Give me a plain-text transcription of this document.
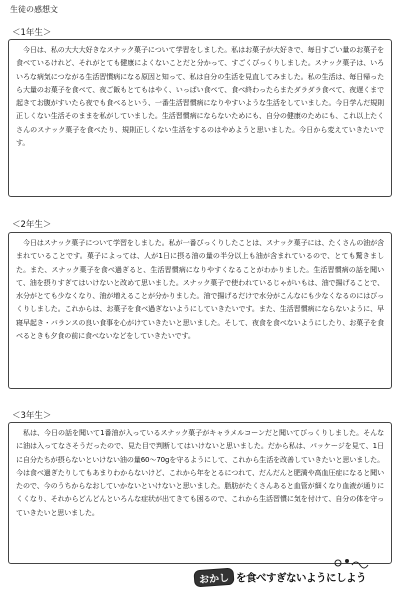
生徒の感想文
＜1年生＞

今日は、私の大大大好きなスナック菓子について学習をしました。私はお菓子が大好きで、毎日すごい量のお菓子を食べているけれど、それがとても健康によくないことだと分かって、すごくびっくりしました。スナック菓子は、いろいろな病気につながる生活習慣病になる原因と知って、私は自分の生活を見直してみました。私の生活は、毎日帰ったら大量のお菓子を食べて、夜ご飯もとてもはやく、いっぱい食べて、食べ終わったらまたダラダラ食べて、夜遅くまで起きてお腹がすいたら夜でも食べるという、一番生活習慣病になりやすいような生活をしていました。今日学んだ規則正しくない生活そのままを私がしていました。生活習慣病にならないためにも、自分の健康のためにも、これ以上たくさんのスナック菓子を食べたり、規則正しくない生活をするのはやめようと思いました。今日から変えていきたいです。

＜2年生＞

今日はスナック菓子について学習をしました。私が一番びっくりしたことは、スナック菓子には、たくさんの油が含まれていることです。菓子によっては、人が1日に摂る油の量の半分以上も油が含まれているので、とても驚きました。また、スナック菓子を食べ過ぎると、生活習慣病になりやすくなることがわかりました。生活習慣病の話を聞いて、油を摂りすぎてはいけないと改めて思いました。スナック菓子で使われているじゃがいもは、油で揚げることで、水分がとても少なくなり、油が増えることが分かりました。油で揚げるだけで水分がこんなにも少なくなるのにはびっくりしました。これからは、お菓子を食べ過ぎないようにしていきたいです。また、生活習慣病にならないように、早寝早起き・バランスの良い食事を心がけていきたいと思いました。そして、夜食を食べないようにしたり、お菓子を食べるときも夕食の前に食べないなどをしていきたいです。

＜3年生＞

私は、今日の話を聞いて1番油が入っているスナック菓子がキャラメルコーンだと聞いてびっくりしました。そんなに油は入ってなさそうだったので、見た目で判断してはいけないと思いました。だから私は、パッケージを見て、1日に自分たちが摂らないといけない油の量60〜70gを守るようにして、これから生活を改善していきたいと思いました。今は食べ過ぎたりしてもあまりわからないけど、これから年をとるにつれて、だんだんと肥満や高血圧症になると聞いたので、今のうちからなおしていかないといけないと思いました。脂肪がたくさんあると血管が細くなり血液が通りにくくなり、それからどんどんといろんな症状が出てきても困るので、これから生活習慣に気を付けて、自分の体を守っていきたいと思いました。

おかし を食べすぎないようにしよう
